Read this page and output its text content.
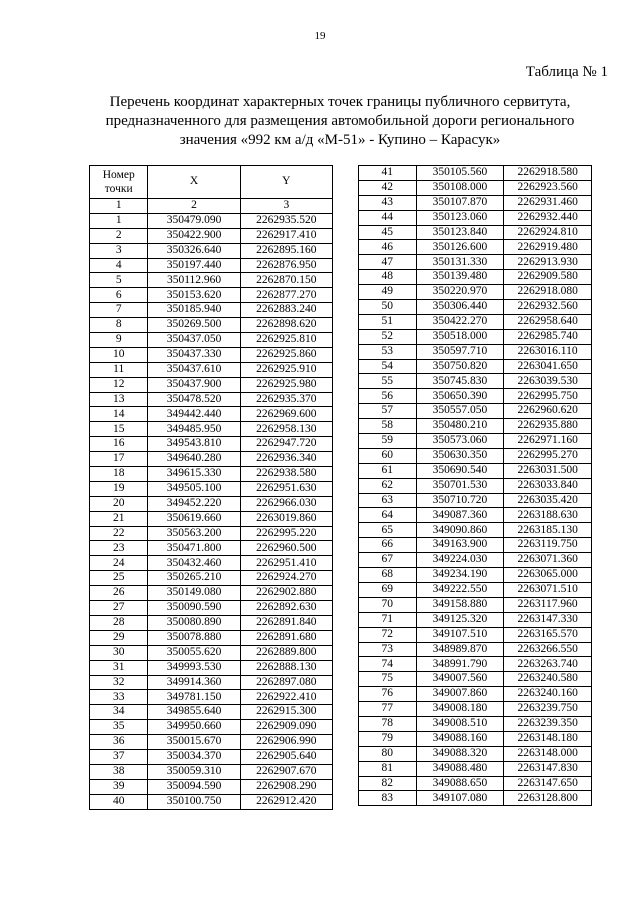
19
Таблица № 1
Перечень координат характерных точек границы публичного сервитута,
предназначенного для размещения автомобильной дороги регионального
значения «992 км а/д «М-51» - Купино – Карасук»
Номер
точки	X	Y
1	2	3
1	350479.090	2262935.520
2	350422.900	2262917.410
3	350326.640	2262895.160
4	350197.440	2262876.950
5	350112.960	2262870.150
6	350153.620	2262877.270
7	350185.940	2262883.240
8	350269.500	2262898.620
9	350437.050	2262925.810
10	350437.330	2262925.860
11	350437.610	2262925.910
12	350437.900	2262925.980
13	350478.520	2262935.370
14	349442.440	2262969.600
15	349485.950	2262958.130
16	349543.810	2262947.720
17	349640.280	2262936.340
18	349615.330	2262938.580
19	349505.100	2262951.630
20	349452.220	2262966.030
21	350619.660	2263019.860
22	350563.200	2262995.220
23	350471.800	2262960.500
24	350432.460	2262951.410
25	350265.210	2262924.270
26	350149.080	2262902.880
27	350090.590	2262892.630
28	350080.890	2262891.840
29	350078.880	2262891.680
30	350055.620	2262889.800
31	349993.530	2262888.130
32	349914.360	2262897.080
33	349781.150	2262922.410
34	349855.640	2262915.300
35	349950.660	2262909.090
36	350015.670	2262906.990
37	350034.370	2262905.640
38	350059.310	2262907.670
39	350094.590	2262908.290
40	350100.750	2262912.420
41	350105.560	2262918.580
42	350108.000	2262923.560
43	350107.870	2262931.460
44	350123.060	2262932.440
45	350123.840	2262924.810
46	350126.600	2262919.480
47	350131.330	2262913.930
48	350139.480	2262909.580
49	350220.970	2262918.080
50	350306.440	2262932.560
51	350422.270	2262958.640
52	350518.000	2262985.740
53	350597.710	2263016.110
54	350750.820	2263041.650
55	350745.830	2263039.530
56	350650.390	2262995.750
57	350557.050	2262960.620
58	350480.210	2262935.880
59	350573.060	2262971.160
60	350630.350	2262995.270
61	350690.540	2263031.500
62	350701.530	2263033.840
63	350710.720	2263035.420
64	349087.360	2263188.630
65	349090.860	2263185.130
66	349163.900	2263119.750
67	349224.030	2263071.360
68	349234.190	2263065.000
69	349222.550	2263071.510
70	349158.880	2263117.960
71	349125.320	2263147.330
72	349107.510	2263165.570
73	348989.870	2263266.550
74	348991.790	2263263.740
75	349007.560	2263240.580
76	349007.860	2263240.160
77	349008.180	2263239.750
78	349008.510	2263239.350
79	349088.160	2263148.180
80	349088.320	2263148.000
81	349088.480	2263147.830
82	349088.650	2263147.650
83	349107.080	2263128.800
